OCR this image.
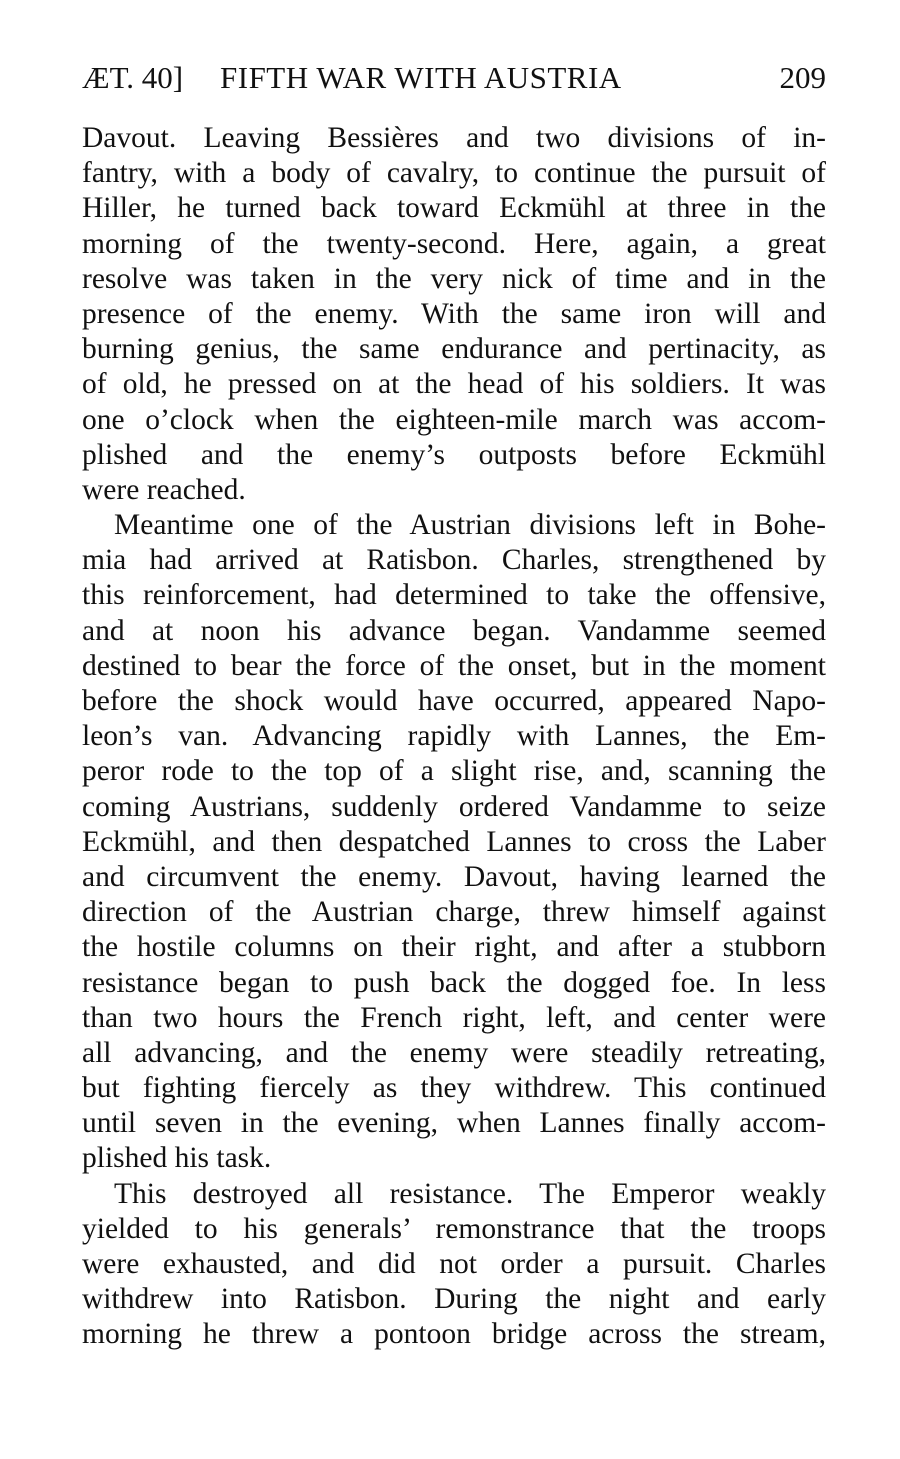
ÆT. 40] FIFTH WAR WITH AUSTRIA	209
Davout. Leaving Bessières and two divisions of in-
fantry, with a body of cavalry, to continue the pursuit of
Hiller, he turned back toward Eckmühl at three in the
morning of the twenty-second. Here, again, a great
resolve was taken in the very nick of time and in the
presence of the enemy. With the same iron will and
burning genius, the same endurance and pertinacity, as
of old, he pressed on at the head of his soldiers. It was
one o’clock when the eighteen-mile march was accom-
plished and the enemy’s outposts before Eckmühl
were reached.
Meantime one of the Austrian divisions left in Bohe-
mia had arrived at Ratisbon. Charles, strengthened by
this reinforcement, had determined to take the offensive,
and at noon his advance began. Vandamme seemed
destined to bear the force of the onset, but in the moment
before the shock would have occurred, appeared Napo-
leon’s van. Advancing rapidly with Lannes, the Em-
peror rode to the top of a slight rise, and, scanning the
coming Austrians, suddenly ordered Vandamme to seize
Eckmühl, and then despatched Lannes to cross the Laber
and circumvent the enemy. Davout, having learned the
direction of the Austrian charge, threw himself against
the hostile columns on their right, and after a stubborn
resistance began to push back the dogged foe. In less
than two hours the French right, left, and center were
all advancing, and the enemy were steadily retreating,
but fighting fiercely as they withdrew. This continued
until seven in the evening, when Lannes finally accom-
plished his task.
This destroyed all resistance. The Emperor weakly
yielded to his generals’ remonstrance that the troops
were exhausted, and did not order a pursuit. Charles
withdrew into Ratisbon. During the night and early
morning he threw a pontoon bridge across the stream,
